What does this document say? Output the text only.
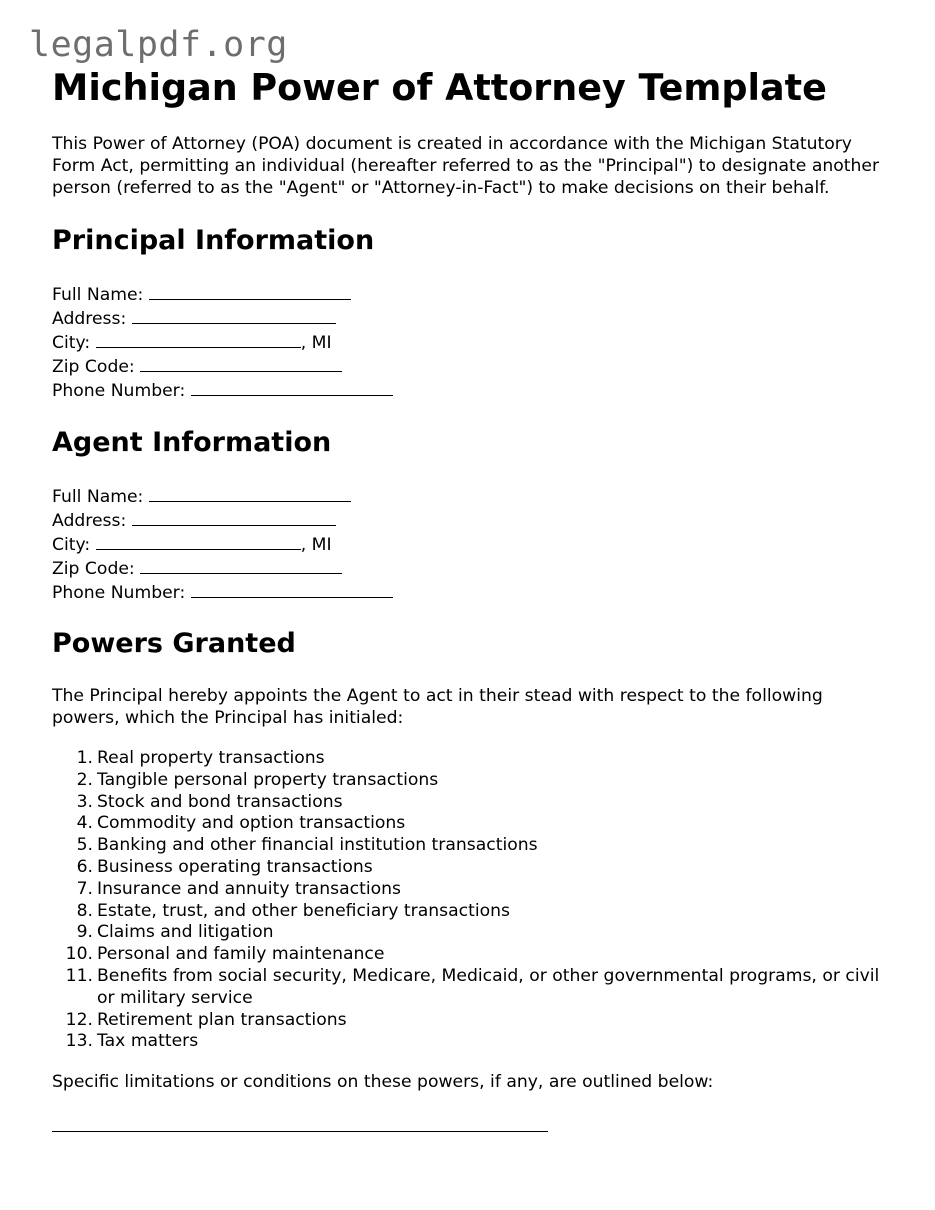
legalpdf.org
Michigan Power of Attorney Template

This Power of Attorney (POA) document is created in accordance with the Michigan Statutory Form Act, permitting an individual (hereafter referred to as the "Principal") to designate another person (referred to as the "Agent" or "Attorney-in-Fact") to make decisions on their behalf.

Principal Information
Full Name:
Address:
City:	, MI
Zip Code:
Phone Number:
Agent Information
Full Name:
Address:
City:	, MI
Zip Code:
Phone Number:
Powers Granted

The Principal hereby appoints the Agent to act in their stead with respect to the following powers, which the Principal has initialed:

1. Real property transactions
2. Tangible personal property transactions
3. Stock and bond transactions
4. Commodity and option transactions
5. Banking and other financial institution transactions
6. Business operating transactions
7. Insurance and annuity transactions
8. Estate, trust, and other beneficiary transactions
9. Claims and litigation
10. Personal and family maintenance
11. Benefits from social security, Medicare, Medicaid, or other governmental programs, or civil or military service
12. Retirement plan transactions
13. Tax matters

Specific limitations or conditions on these powers, if any, are outlined below:
